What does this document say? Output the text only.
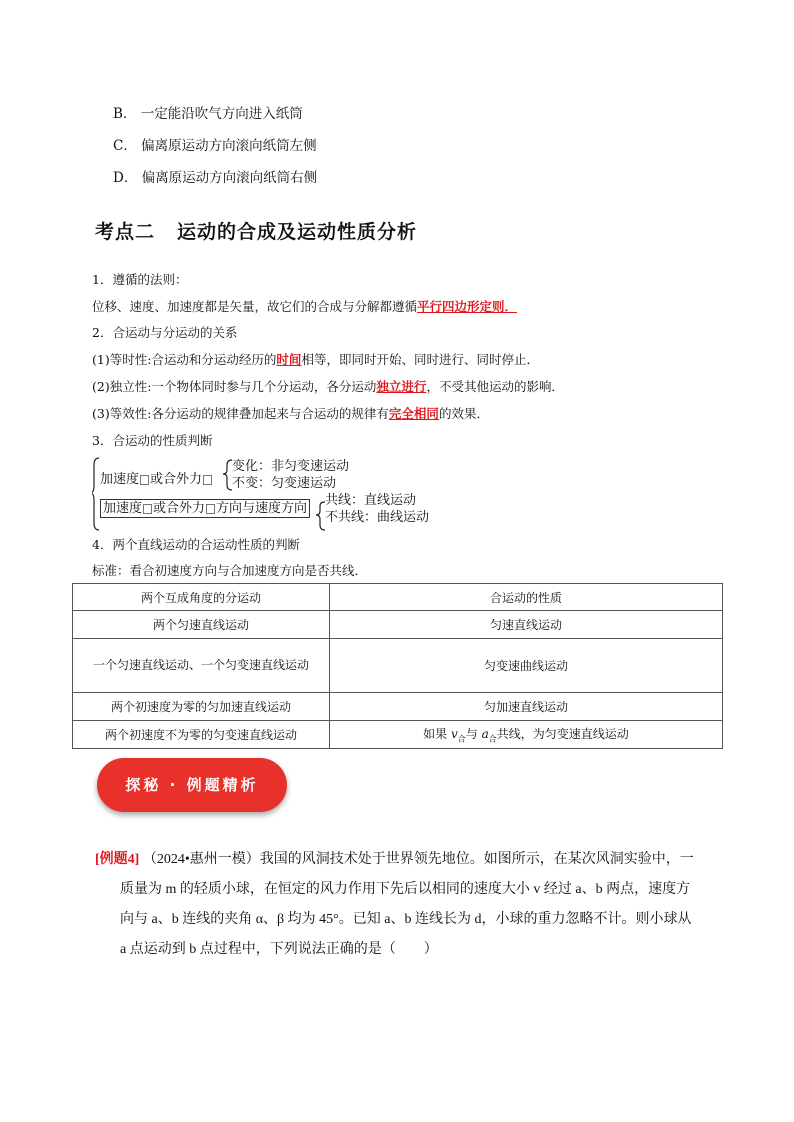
B． 一定能沿吹气方向进入纸筒
C． 偏离原运动方向滚向纸筒左侧
D． 偏离原运动方向滚向纸筒右侧
考点二 运动的合成及运动性质分析
1．遵循的法则：
位移、速度、加速度都是矢量，故它们的合成与分解都遵循平行四边形定则．
2．合运动与分运动的关系
(1)等时性:合运动和分运动经历的时间相等，即同时开始、同时进行、同时停止．
(2)独立性:一个物体同时参与几个分运动，各分运动独立进行，不受其他运动的影响．
(3)等效性:各分运动的规律叠加起来与合运动的规律有完全相同的效果．
3．合运动的性质判断
加速度 或合外力
变化：非匀变速运动
不变：匀变速运动
加速度 或合外力 方向与速度方向
共线：直线运动
不共线：曲线运动
4．两个直线运动的合运动性质的判断
标准：看合初速度方向与合加速度方向是否共线．
两个互成角度的分运动	合运动的性质
两个匀速直线运动	匀速直线运动
一个匀速直线运动、一个匀变速直线运动	匀变速曲线运动
两个初速度为零的匀加速直线运动	匀加速直线运动
两个初速度不为零的匀变速直线运动	如果 $v_合$与 $a_合$共线，为匀变速直线运动
探秘 · 例题精析
[例题4] （2024•惠州一模）我国的风洞技术处于世界领先地位。如图所示，在某次风洞实验中，一
质量为 m 的轻质小球，在恒定的风力作用下先后以相同的速度大小 v 经过 a、b 两点，速度方
向与 a、b 连线的夹角 α、β 均为 45°。已知 a、b 连线长为 d，小球的重力忽略不计。则小球从
a 点运动到 b 点过程中，下列说法正确的是（　　）
